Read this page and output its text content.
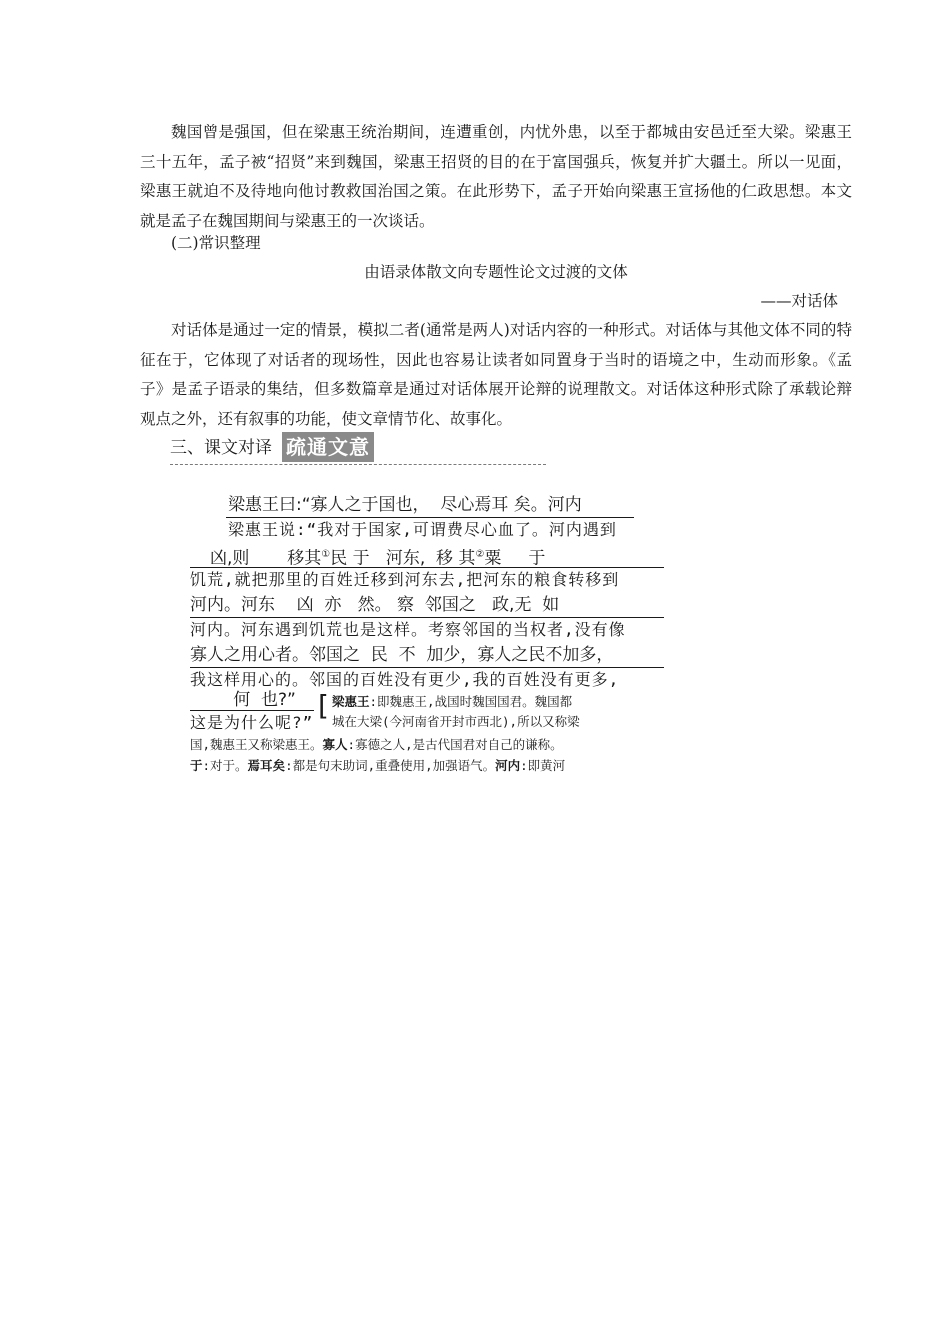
魏国曾是强国，但在梁惠王统治期间，连遭重创，内忧外患，以至于都城由安邑迁至大梁。梁惠王三十五年，孟子被“招贤”来到魏国，梁惠王招贤的目的在于富国强兵，恢复并扩大疆土。所以一见面，梁惠王就迫不及待地向他讨教救国治国之策。在此形势下，孟子开始向梁惠王宣扬他的仁政思想。本文就是孟子在魏国期间与梁惠王的一次谈话。

(二)常识整理
由语录体散文向专题性论文过渡的文体
——对话体

对话体是通过一定的情景，模拟二者(通常是两人)对话内容的一种形式。对话体与其他文体不同的特征在于，它体现了对话者的现场性，因此也容易让读者如同置身于当时的语境之中，生动而形象。《孟子》是孟子语录的集结，但多数篇章是通过对话体展开论辩的说理散文。对话体这种形式除了承载论辩观点之外，还有叙事的功能，使文章情节化、故事化。

三、课文对译 疏通文意
梁惠王曰:“寡人之于国也，  尽心焉耳 矣。河内
梁惠王说:“我对于国家,可谓费尽心血了。河内遇到
凶,则       移其①民 于   河东,  移 其②粟     于
饥荒,就把那里的百姓迁移到河东去,把河东的粮食转移到
河内。河东    凶  亦   然。 察  邻国之   政,无  如
河内。河东遇到饥荒也是这样。考察邻国的当权者,没有像
寡人之用心者。邻国之  民  不  加少，寡人之民不加多，
我这样用心的。邻国的百姓没有更少,我的百姓没有更多,
何  也?”
这是为什么呢?”
[ 梁惠王:即魏惠王,战国时魏国国君。魏国都
城在大梁(今河南省开封市西北),所以又称梁
国,魏惠王又称梁惠王。寡人:寡德之人,是古代国君对自己的谦称。
于:对于。焉耳矣:都是句末助词,重叠使用,加强语气。河内:即黄河
